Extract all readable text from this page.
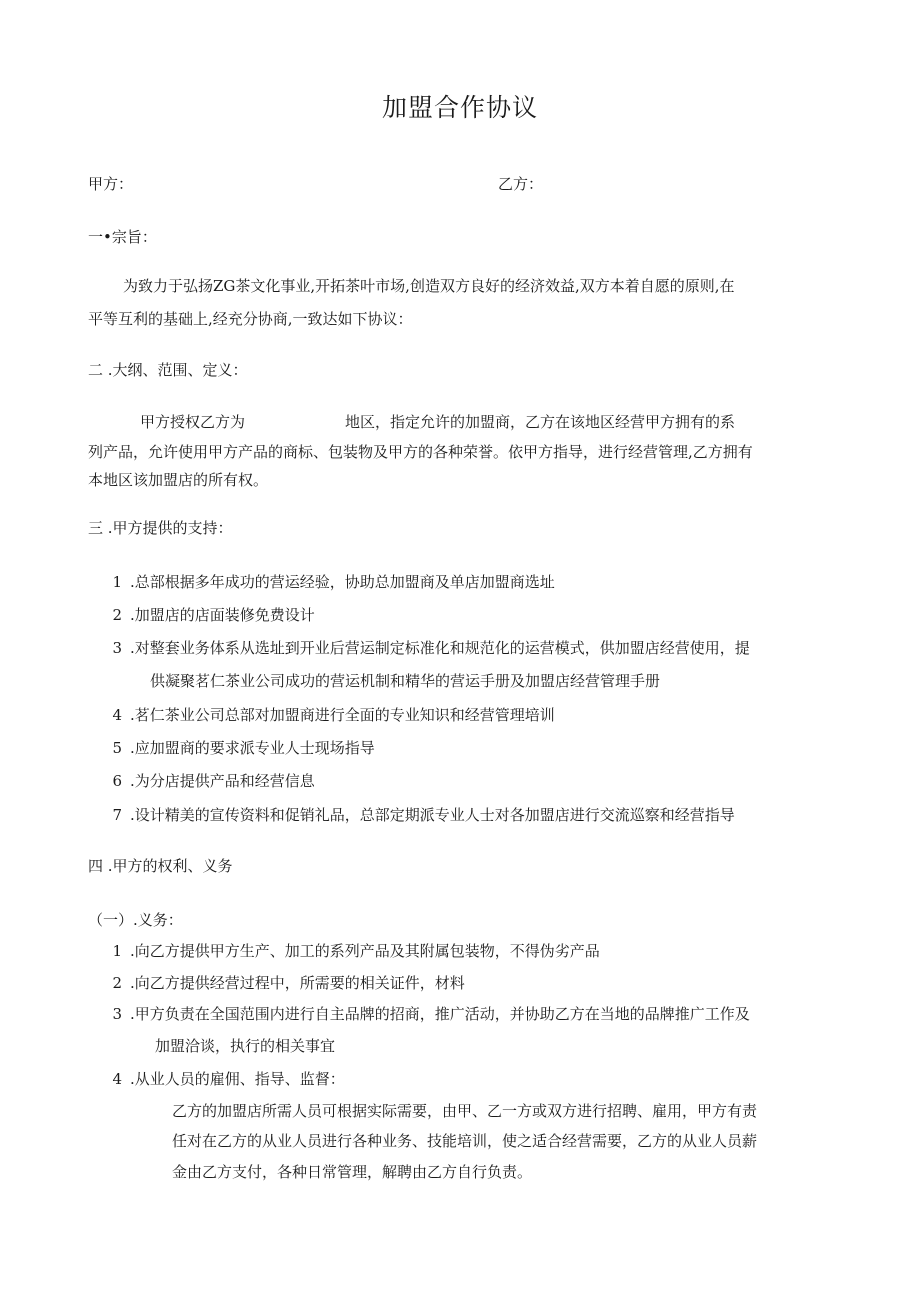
加盟合作协议
甲方：	乙方：
一•宗旨：
为致力于弘扬ZG茶文化事业,开拓茶叶市场,创造双方良好的经济效益,双方本着自愿的原则,在
平等互利的基础上,经充分协商,一致达如下协议：
二 .大纲、范围、定义：
甲方授权乙方为	地区，指定允许的加盟商，乙方在该地区经营甲方拥有的系
列产品，允许使用甲方产品的商标、包装物及甲方的各种荣誉。依甲方指导，进行经营管理,乙方拥有
本地区该加盟店的所有权。
三 .甲方提供的支持：
1 .总部根据多年成功的营运经验，协助总加盟商及单店加盟商选址
2 .加盟店的店面装修免费设计
3 .对整套业务体系从选址到开业后营运制定标准化和规范化的运营模式，供加盟店经营使用，提
供凝聚茗仁茶业公司成功的营运机制和精华的营运手册及加盟店经营管理手册
4 .茗仁茶业公司总部对加盟商进行全面的专业知识和经营管理培训
5 .应加盟商的要求派专业人士现场指导
6 .为分店提供产品和经营信息
7 .设计精美的宣传资料和促销礼品，总部定期派专业人士对各加盟店进行交流巡察和经营指导
四 .甲方的权利、义务
（一）.义务：
1 .向乙方提供甲方生产、加工的系列产品及其附属包装物，不得伪劣产品
2 .向乙方提供经营过程中，所需要的相关证件，材料
3 .甲方负责在全国范围内进行自主品牌的招商，推广活动，并协助乙方在当地的品牌推广工作及
加盟洽谈，执行的相关事宜
4 .从业人员的雇佣、指导、监督：
乙方的加盟店所需人员可根据实际需要，由甲、乙一方或双方进行招聘、雇用，甲方有责
任对在乙方的从业人员进行各种业务、技能培训，使之适合经营需要，乙方的从业人员薪
金由乙方支付，各种日常管理，解聘由乙方自行负责。
